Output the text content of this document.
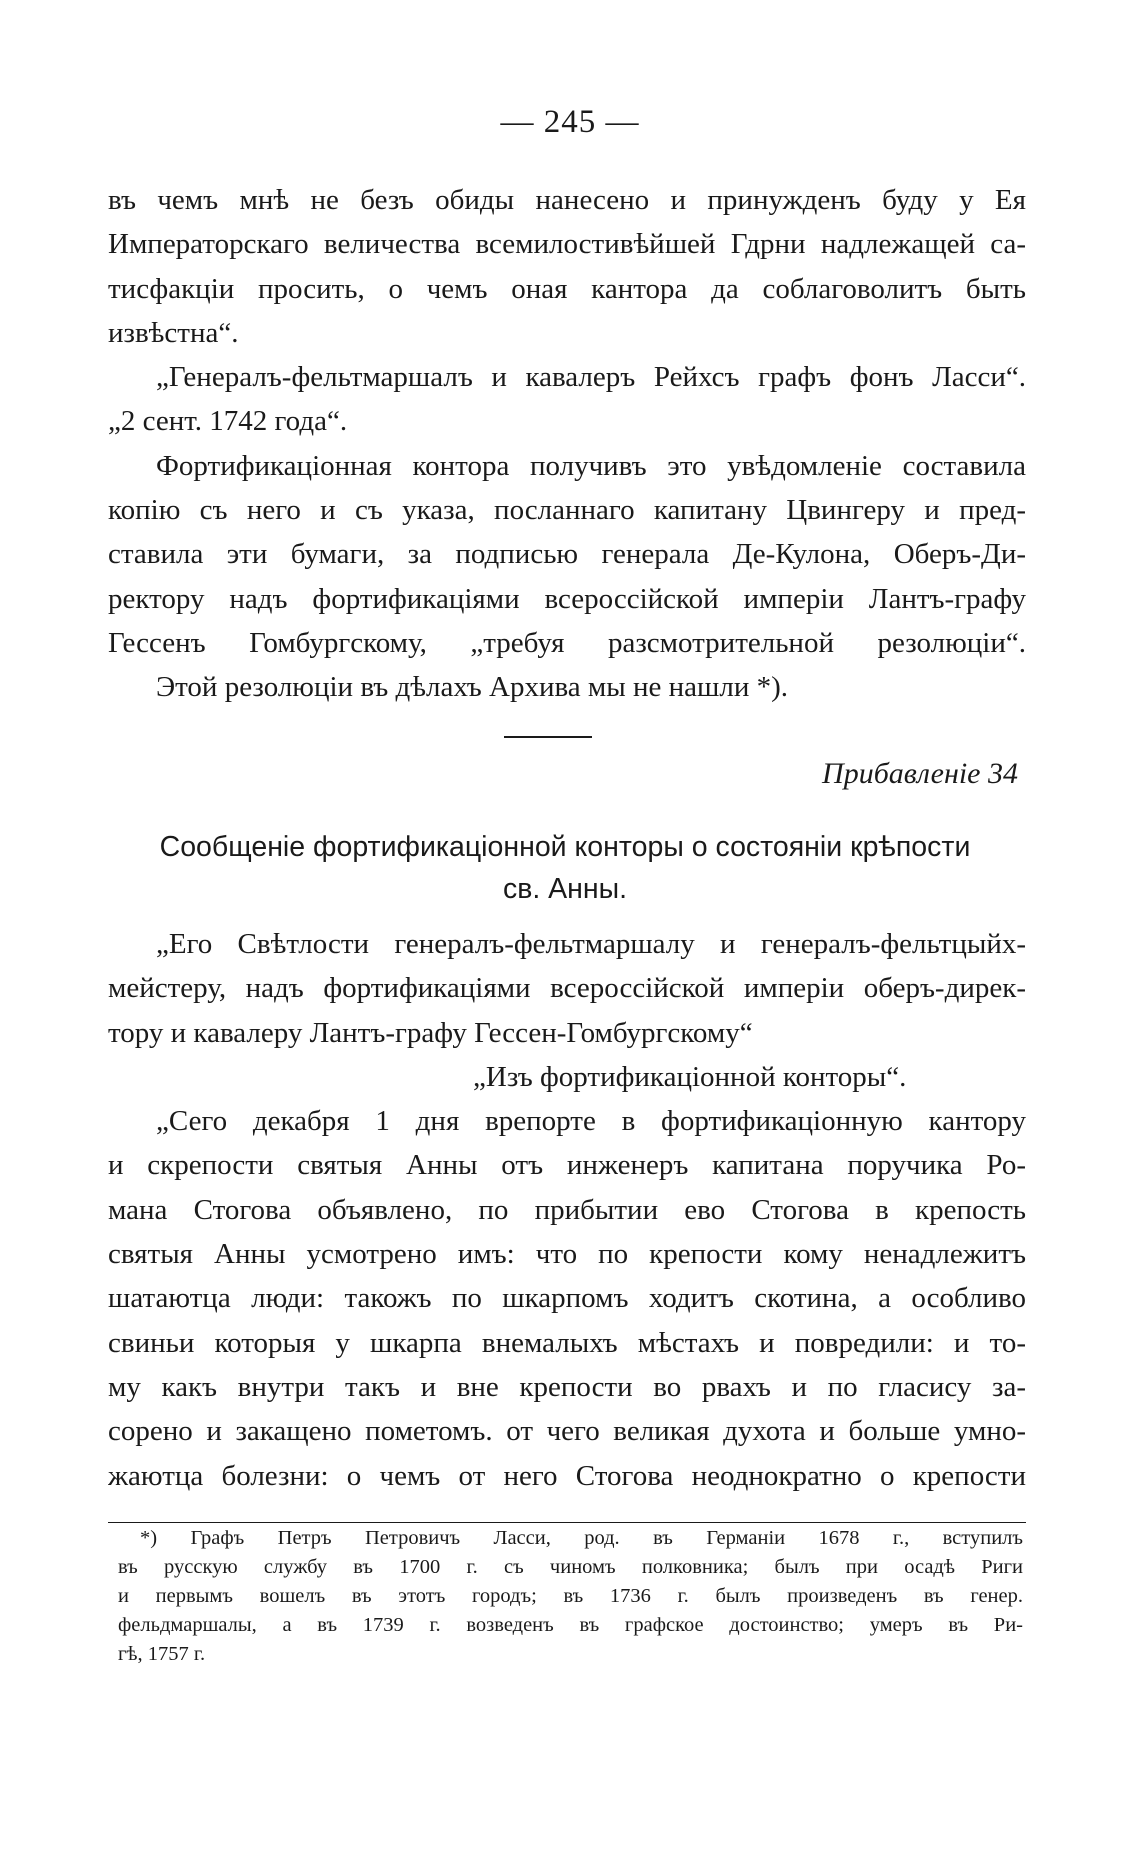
— 245 —
въ чемъ мнѣ не безъ обиды нанесено и принужденъ буду у Ея
Императорскаго величества всемилостивѣйшей Гдрни надлежащей са-
тисфакціи просить, о чемъ оная кантора да соблаговолитъ быть
извѣстна“.
„Генералъ-фельтмаршалъ и кавалеръ Рейхсъ графъ фонъ Ласси“.
„2 сент. 1742 года“.
Фортификаціонная контора получивъ это увѣдомленіе составила
копію съ него и съ указа, посланнаго капитану Цвингеру и пред-
ставила эти бумаги, за подписью генерала Де-Кулона, Оберъ-Ди-
ректору надъ фортификаціями всероссійской имперіи Лантъ-графу
Гессенъ Гомбургскому, „требуя разсмотрительной резолюціи“.
Этой резолюціи въ дѣлахъ Архива мы не нашли *).
Прибавленіе 34
Сообщеніе фортификаціонной конторы о состояніи крѣпости
св. Анны.
„Его Свѣтлости генералъ-фельтмаршалу и генералъ-фельтцыйх-
мейстеру, надъ фортификаціями всероссійской имперіи оберъ-дирек-
тору и кавалеру Лантъ-графу Гессен-Гомбургскому“
„Изъ фортификаціонной конторы“.
„Сего декабря 1 дня врепорте в фортификаціонную кантору
и скрепости святыя Анны отъ инженеръ капитана поручика Ро-
мана Стогова объявлено, по прибытии ево Стогова в крепость
святыя Анны усмотрено имъ: что по крепости кому ненадлежитъ
шатаютца люди: такожъ по шкарпомъ ходитъ скотина, а особливо
свиньи которыя у шкарпа внемалыхъ мѣстахъ и повредили: и то-
му какъ внутри такъ и вне крепости во рвахъ и по гласису за-
сорено и закащено пометомъ. от чего великая духота и больше умно-
жаютца болезни: о чемъ от него Стогова неоднократно о крепости
*) Графъ Петръ Петровичъ Ласси, род. въ Германіи 1678 г., вступилъ
въ русскую службу въ 1700 г. съ чиномъ полковника; былъ при осадѣ Риги
и первымъ вошелъ въ этотъ городъ; въ 1736 г. былъ произведенъ въ генер.
фельдмаршалы, а въ 1739 г. возведенъ въ графское достоинство; умеръ въ Ри-
гѣ, 1757 г.
